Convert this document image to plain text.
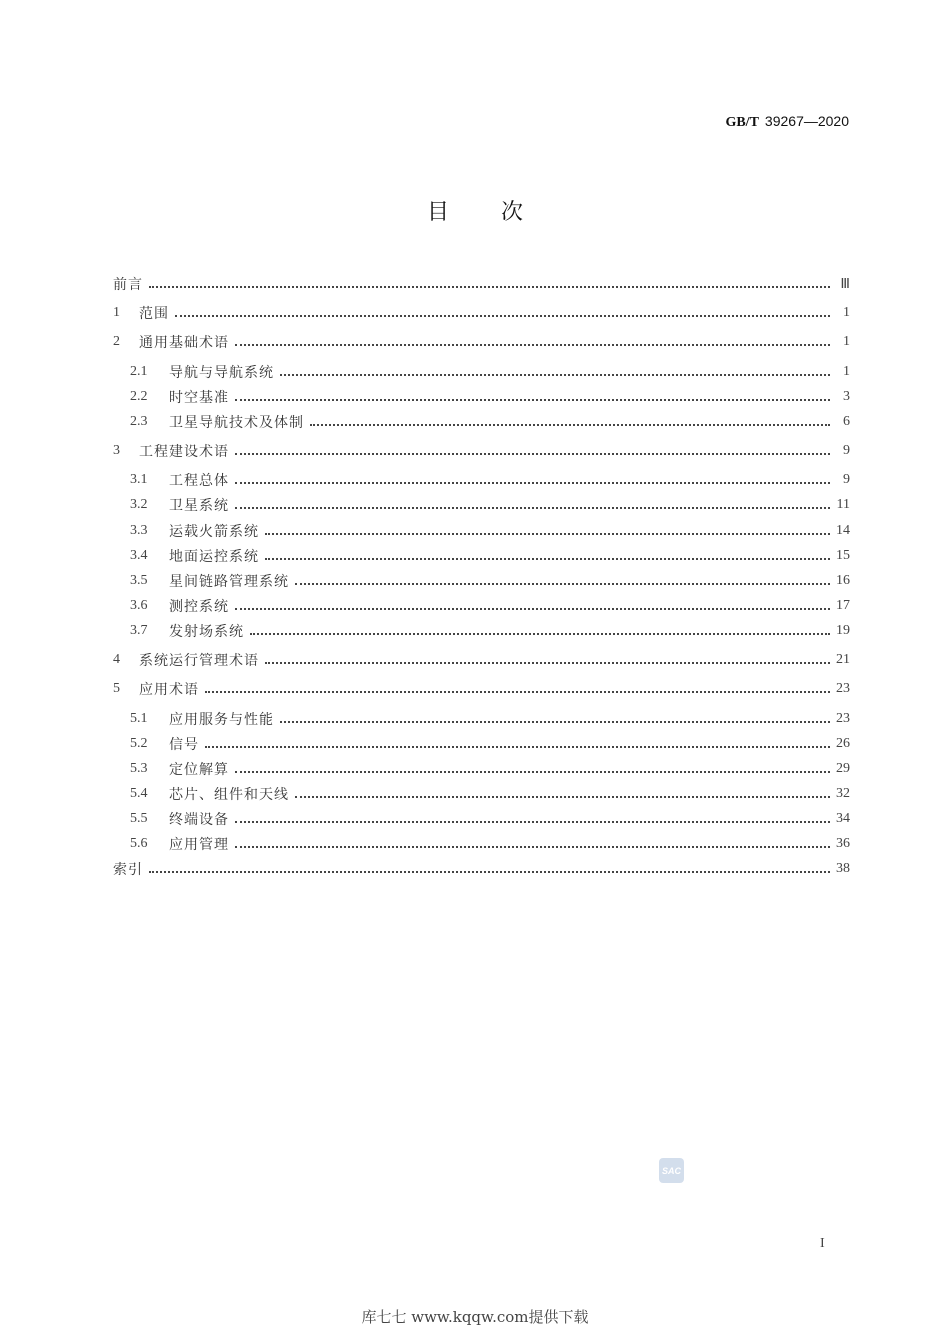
GB/T 39267—2020
目 次
前言	Ⅲ
1	范围	1
2	通用基础术语	1
2.1	导航与导航系统	1
2.2	时空基准	3
2.3	卫星导航技术及体制	6
3	工程建设术语	9
3.1	工程总体	9
3.2	卫星系统	11
3.3	运载火箭系统	14
3.4	地面运控系统	15
3.5	星间链路管理系统	16
3.6	测控系统	17
3.7	发射场系统	19
4	系统运行管理术语	21
5	应用术语	23
5.1	应用服务与性能	23
5.2	信号	26
5.3	定位解算	29
5.4	芯片、组件和天线	32
5.5	终端设备	34
5.6	应用管理	36
索引	38
SAC
I
库七七 www.kqqw.com提供下载
